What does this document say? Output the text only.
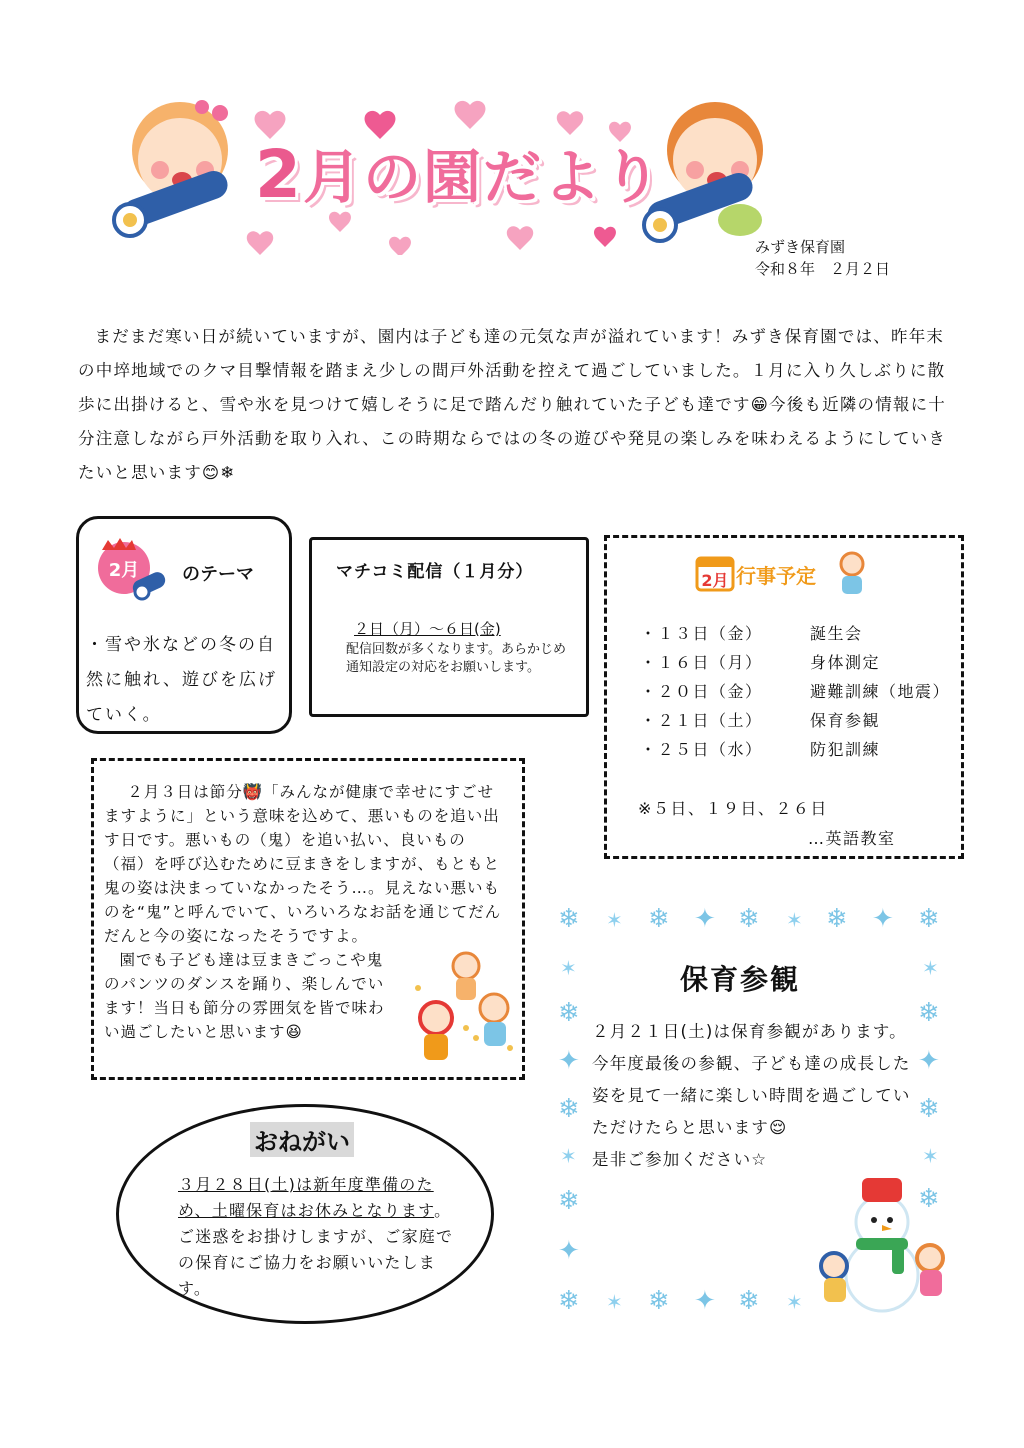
2月の園だより
みずき保育園
令和８年　２月２日
まだまだ寒い日が続いていますが、園内は子ども達の元気な声が溢れています！みずき保育園では、昨年末の中埣地域でのクマ目撃情報を踏まえ少しの間戸外活動を控えて過ごしていました。１月に入り久しぶりに散歩に出掛けると、雪や氷を見つけて嬉しそうに足で踏んだり触れていた子ども達です😁今後も近隣の情報に十分注意しながら戸外活動を取り入れ、この時期ならではの冬の遊びや発見の楽しみを味わえるようにしていきたいと思います😊❄
2月 のテーマ
・雪や氷などの冬の自然に触れ、遊びを広げていく。
マチコミ配信（１月分）
２日（月）～６日(金)
配信回数が多くなります。あらかじめ通知設定の対応をお願いします。
2月 行事予定
・１３日（金）	誕生会
・１６日（月）	身体測定
・２０日（金）	避難訓練（地震）
・２１日（土）	保育参観
・２５日（水）	防犯訓練
※５日、１９日、２６日
…英語教室
２月３日は節分👹「みんなが健康で幸せにすごせますように」という意味を込めて、悪いものを追い出す日です。悪いもの（鬼）を追い払い、良いもの（福）を呼び込むために豆まきをしますが、もともと鬼の姿は決まっていなかったそう…。見えない悪いものを“鬼”と呼んでいて、いろいろなお話を通じてだんだんと今の姿になったそうですよ。
園でも子ども達は豆まきごっこや鬼のパンツのダンスを踊り、楽しんでいます！当日も節分の雰囲気を皆で味わい過ごしたいと思います😆
おねがい
３月２８日(土)は新年度準備のため、土曜保育はお休みとなります。ご迷惑をお掛けしますが、ご家庭での保育にご協力をお願いいたします。
❄ ✶ ❄ ✦ ❄ ✶ ❄ ✦ ❄
✶
❄
✦
❄
✶
❄
✦
✶
❄
✦
❄
✶
❄
❄ ✶ ❄ ✦ ❄ ✶
保育参観
２月２１日(土)は保育参観があります。
今年度最後の参観、子ども達の成長した姿を見て一緒に楽しい時間を過ごしていただけたらと思います😌
是非ご参加ください☆
